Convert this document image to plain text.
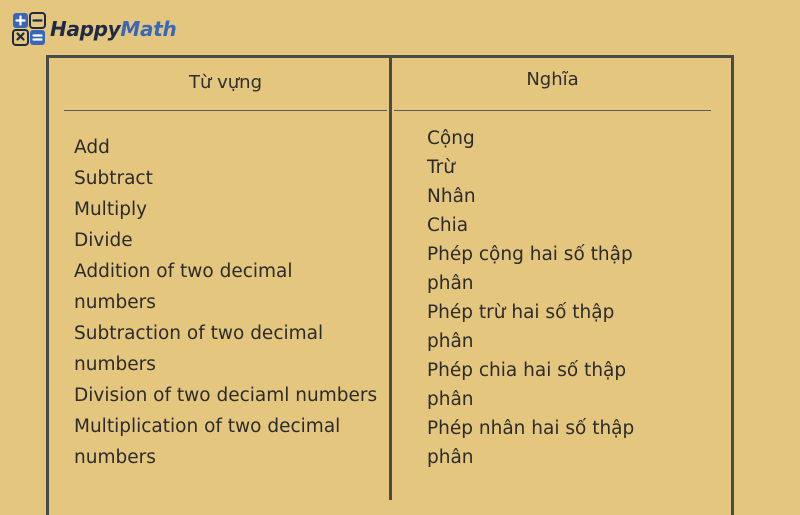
HappyMath
Từ vựng	Nghĩa
Add
Subtract
Multiply
Divide
Addition of two decimal
numbers
Subtraction of two decimal
numbers
Division of two deciaml numbers
Multiplication of two decimal
numbers
Cộng
Trừ
Nhân
Chia
Phép cộng hai số thập
phân
Phép trừ hai số thập
phân
Phép chia hai số thập
phân
Phép nhân hai số thập
phân
